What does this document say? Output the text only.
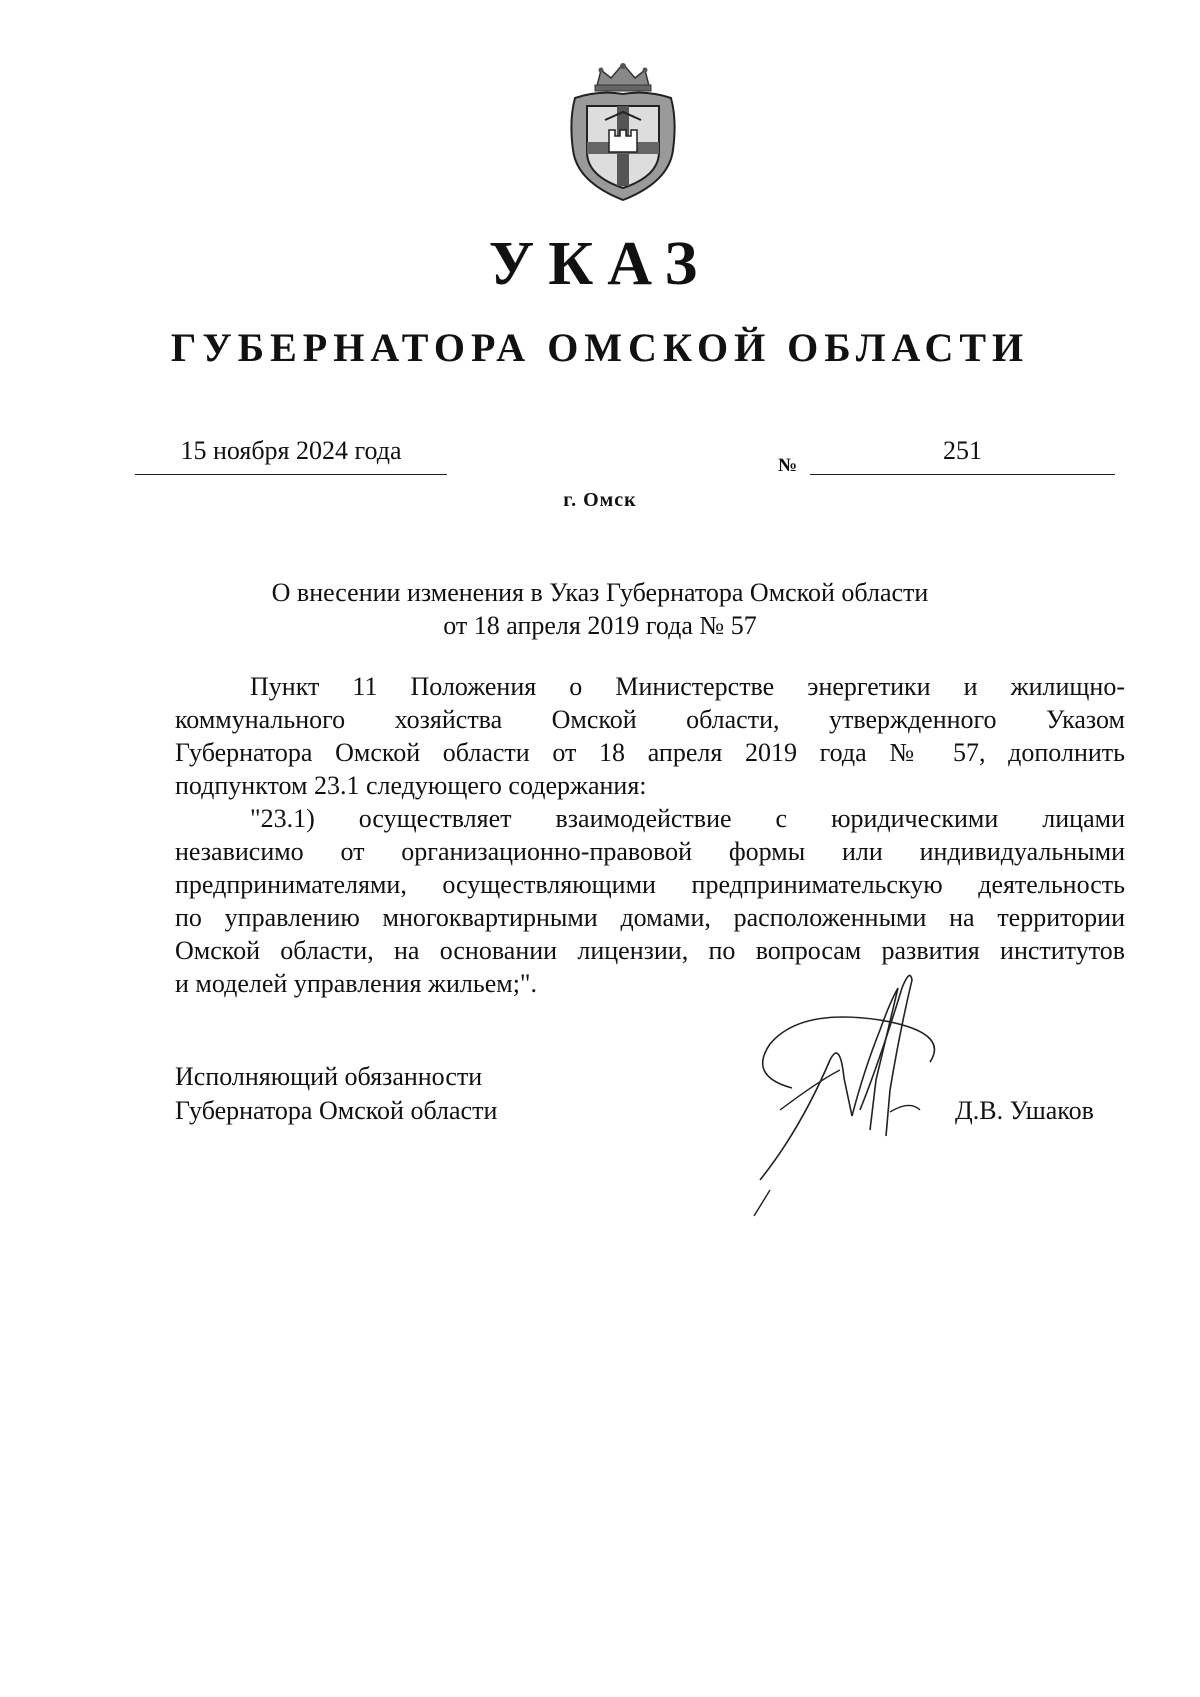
УКАЗ
ГУБЕРНАТОРА ОМСКОЙ ОБЛАСТИ
15 ноября 2024 года
№
251
г. Омск
О внесении изменения в Указ Губернатора Омской области
от 18 апреля 2019 года № 57
Пункт 11 Положения о Министерстве энергетики и жилищно-
коммунального хозяйства Омской области, утвержденного Указом
Губернатора Омской области от 18 апреля 2019 года № 57, дополнить
подпунктом 23.1 следующего содержания:
"23.1) осуществляет взаимодействие с юридическими лицами
независимо от организационно-правовой формы или индивидуальными
предпринимателями, осуществляющими предпринимательскую деятельность
по управлению многоквартирными домами, расположенными на территории
Омской области, на основании лицензии, по вопросам развития институтов
и моделей управления жильем;".
Исполняющий обязанности
Губернатора Омской области	Д.В. Ушаков
